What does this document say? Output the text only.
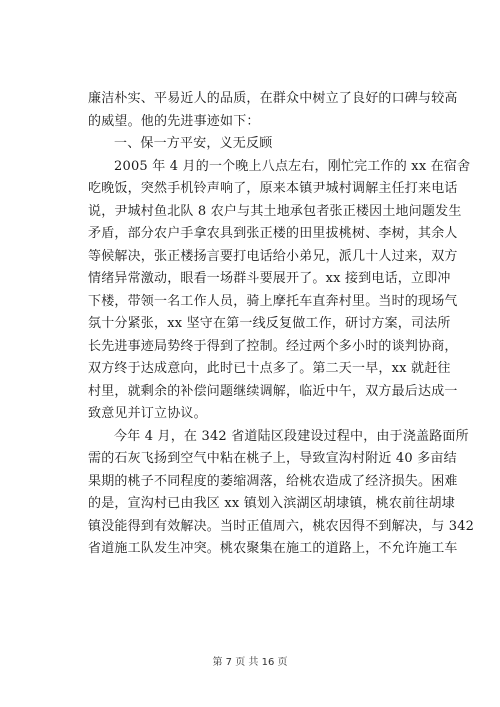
廉洁朴实、平易近人的品质，在群众中树立了良好的口碑与较高
的威望。他的先进事迹如下：
一、保一方平安，义无反顾
2005 年 4 月的一个晚上八点左右，刚忙完工作的 xx 在宿舍
吃晚饭，突然手机铃声响了，原来本镇尹城村调解主任打来电话
说，尹城村鱼北队 8 农户与其土地承包者张正楼因土地问题发生
矛盾，部分农户手拿农具到张正楼的田里拔桃树、李树，其余人
等候解决，张正楼扬言要打电话给小弟兄，派几十人过来，双方
情绪异常激动，眼看一场群斗要展开了。xx 接到电话，立即冲
下楼，带领一名工作人员，骑上摩托车直奔村里。当时的现场气
氛十分紧张，xx 坚守在第一线反复做工作，研讨方案，司法所
长先进事迹局势终于得到了控制。经过两个多小时的谈判协商，
双方终于达成意向，此时已十点多了。第二天一早，xx 就赶往
村里，就剩余的补偿问题继续调解，临近中午，双方最后达成一
致意见并订立协议。
今年 4 月，在 342 省道陆区段建设过程中，由于浇盖路面所
需的石灰飞扬到空气中粘在桃子上，导致宣沟村附近 40 多亩结
果期的桃子不同程度的萎缩凋落，给桃农造成了经济损失。困难
的是，宣沟村已由我区 xx 镇划入滨湖区胡埭镇，桃农前往胡埭
镇没能得到有效解决。当时正值周六，桃农因得不到解决，与 342
省道施工队发生冲突。桃农聚集在施工的道路上，不允许施工车
第 7 页 共 16 页
